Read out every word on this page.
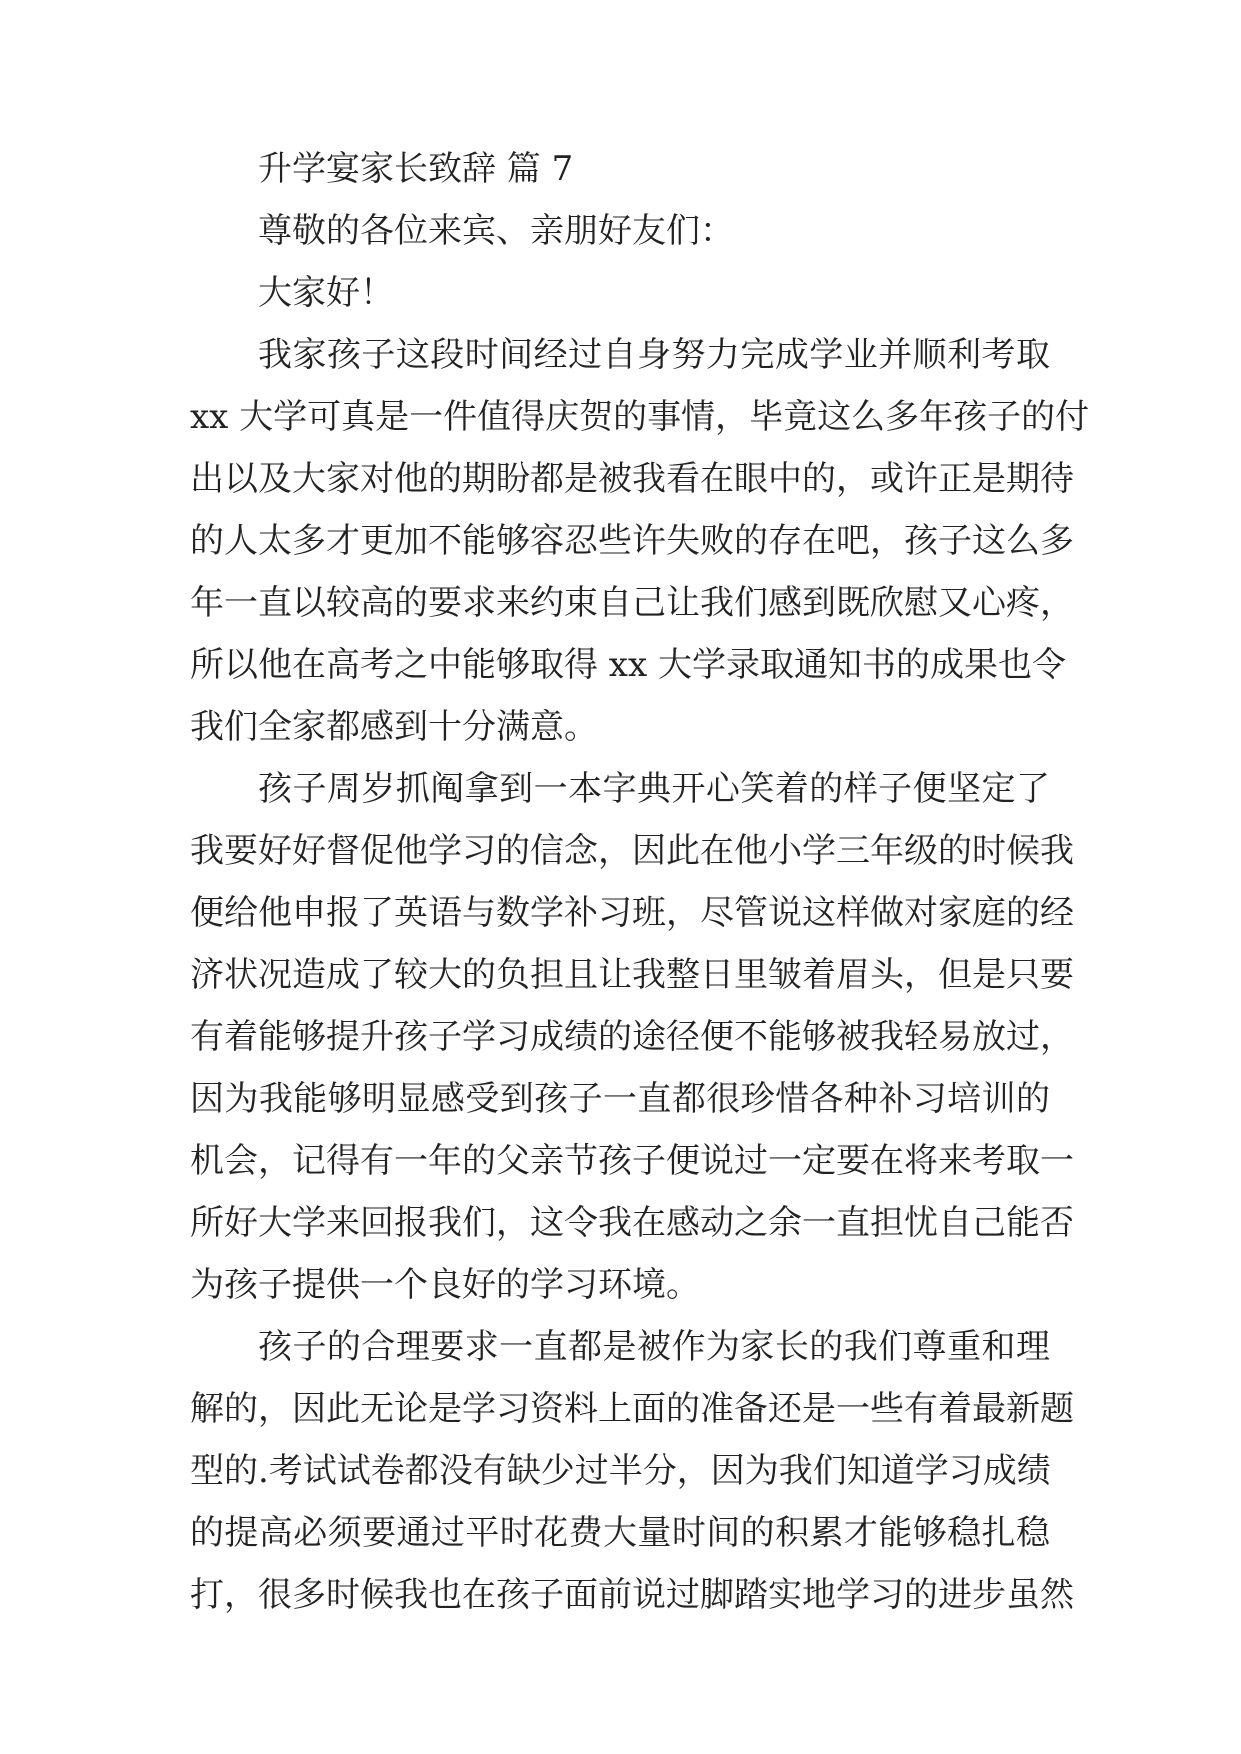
升学宴家长致辞 篇 7
尊敬的各位来宾、亲朋好友们：
大家好！
我家孩子这段时间经过自身努力完成学业并顺利考取
xx 大学可真是一件值得庆贺的事情，毕竟这么多年孩子的付
出以及大家对他的期盼都是被我看在眼中的，或许正是期待
的人太多才更加不能够容忍些许失败的存在吧，孩子这么多
年一直以较高的要求来约束自己让我们感到既欣慰又心疼，
所以他在高考之中能够取得 xx 大学录取通知书的成果也令
我们全家都感到十分满意。
孩子周岁抓阄拿到一本字典开心笑着的样子便坚定了
我要好好督促他学习的信念，因此在他小学三年级的时候我
便给他申报了英语与数学补习班，尽管说这样做对家庭的经
济状况造成了较大的负担且让我整日里皱着眉头，但是只要
有着能够提升孩子学习成绩的途径便不能够被我轻易放过，
因为我能够明显感受到孩子一直都很珍惜各种补习培训的
机会，记得有一年的父亲节孩子便说过一定要在将来考取一
所好大学来回报我们，这令我在感动之余一直担忧自己能否
为孩子提供一个良好的学习环境。
孩子的合理要求一直都是被作为家长的我们尊重和理
解的，因此无论是学习资料上面的准备还是一些有着最新题
型的.考试试卷都没有缺少过半分，因为我们知道学习成绩
的提高必须要通过平时花费大量时间的积累才能够稳扎稳
打，很多时候我也在孩子面前说过脚踏实地学习的进步虽然
